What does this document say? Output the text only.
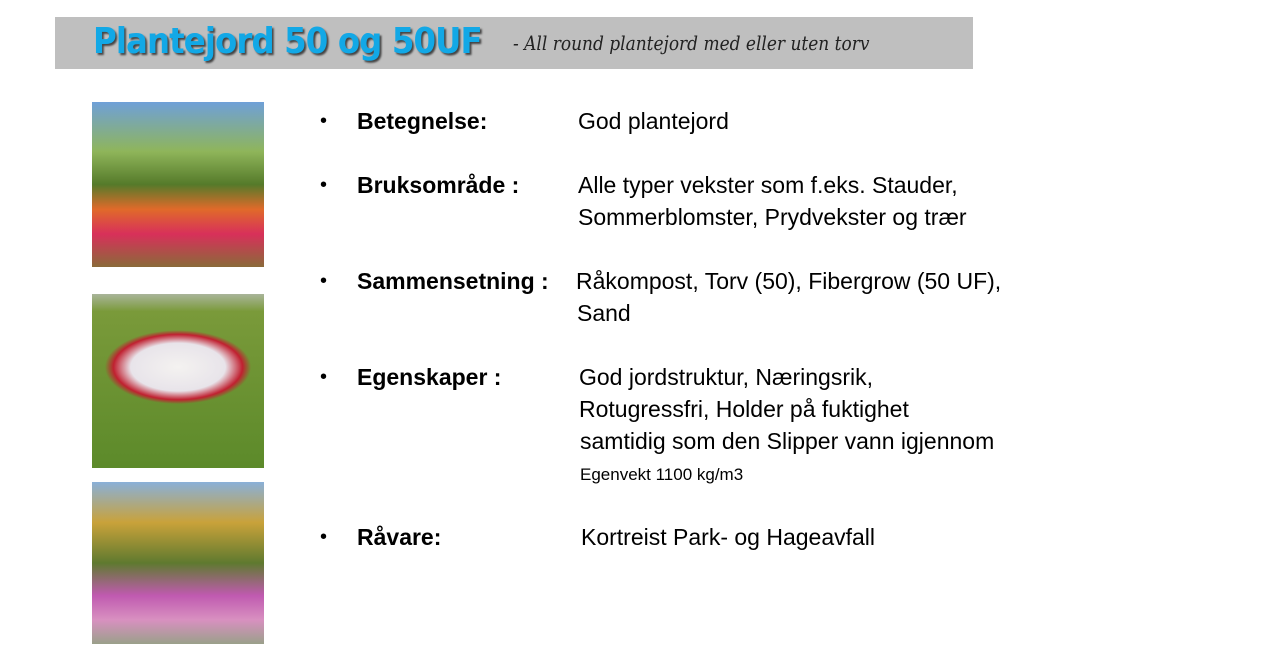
Plantejord 50 og 50UF - All round plantejord med eller uten torv
• Betegnelse:	God plantejord
• Bruksområde :	Alle typer vekster som f.eks. Stauder,
Sommerblomster, Prydvekster og trær
• Sammensetning : Råkompost, Torv (50), Fibergrow (50 UF),
Sand
• Egenskaper :	God jordstruktur, Næringsrik,
Rotugressfri, Holder på fuktighet
samtidig som den Slipper vann igjennom
Egenvekt 1100 kg/m3
• Råvare:	Kortreist Park- og Hageavfall
